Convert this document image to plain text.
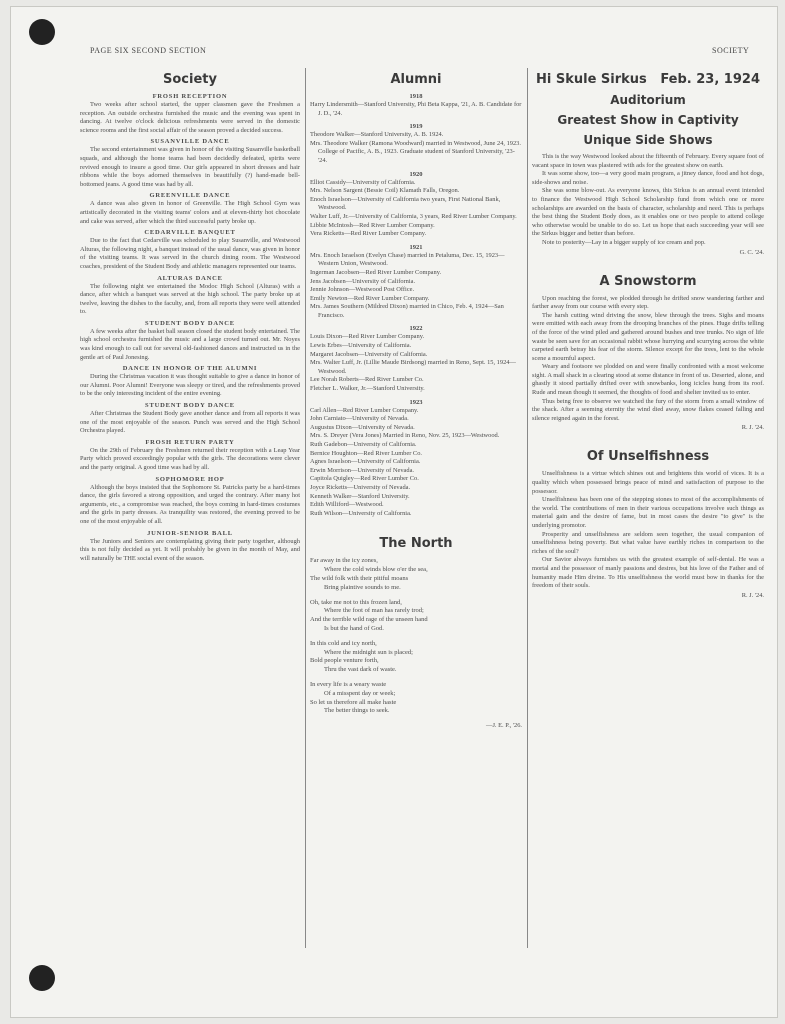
PAGE SIX SECOND SECTION	SOCIETY
Society
FROSH RECEPTION

Two weeks after school started, the upper classmen gave the Freshmen a reception. An outside orchestra furnished the music and the evening was spent in dancing. At twelve o'clock delicious refreshments were served in the domestic science rooms and the first social affair of the season proved a decided success.

SUSANVILLE DANCE

The second entertainment was given in honor of the visiting Susanville basketball squads, and although the home teams had been decidedly defeated, spirits were revived enough to insure a good time. Our girls appeared in short dresses and hair ribbons while the boys adorned themselves in beautifully (?) hand-made bell-bottomed jeans. A good time was had by all.

GREENVILLE DANCE

A dance was also given in honor of Greenville. The High School Gym was artistically decorated in the visiting teams' colors and at eleven-thirty hot chocolate and cake was served, after which the third successful party broke up.

CEDARVILLE BANQUET

Due to the fact that Cedarville was scheduled to play Susanville, and Westwood Alturas, the following night, a banquet instead of the usual dance, was given in honor of the visiting teams. It was served in the church dining room. The Westwood coaches, president of the Student Body and athletic managers represented our teams.

ALTURAS DANCE

The following night we entertained the Modoc High School (Alturas) with a dance, after which a banquet was served at the high school. The party broke up at twelve, leaving the dishes to the faculty, and, from all reports they were well attended to.

STUDENT BODY DANCE

A few weeks after the basket ball season closed the student body entertained. The high school orchestra furnished the music and a large crowd turned out. Mr. Noyes was kind enough to call out for several old-fashioned dances and instructed us in the gentle art of Paul Jonesing.

DANCE IN HONOR OF THE ALUMNI

During the Christmas vacation it was thought suitable to give a dance in honor of our Alumni. Poor Alumni! Everyone was sleepy or tired, and the refreshments proved to be the only interesting incident of the entire evening.

STUDENT BODY DANCE

After Christmas the Student Body gave another dance and from all reports it was one of the most enjoyable of the season. Punch was served and the High School Orchestra played.

FROSH RETURN PARTY

On the 29th of February the Freshmen returned their reception with a Leap Year Party which proved exceedingly popular with the girls. The decorations were clever and the party original. A good time was had by all.

SOPHOMORE HOP

Although the boys insisted that the Sophomore St. Patricks party be a hard-times dance, the girls favored a strong opposition, and urged the contrary. After many hot arguments, etc., a compromise was reached, the boys coming in hard-times costumes and the girls in party dresses. As tranquility was restored, the evening proved to be one of the most enjoyable of all.

JUNIOR-SENIOR BALL

The Juniors and Seniors are contemplating giving their party together, although this is not fully decided as yet. It will probably be given in the month of May, and will naturally be THE social event of the season.

Alumni
1918

Harry Lindersmith—Stanford University, Phi Beta Kappa, '21, A. B. Candidate for J. D., '24.

1919

Theodore Walker—Stanford University, A. B. 1924.

Mrs. Theodore Walker (Ramona Woodward) married in Westwood, June 24, 1923. College of Pacific, A. B., 1923. Graduate student of Stanford University, '23-'24.

1920

Elliot Cassidy—University of California.

Mrs. Nelson Sargent (Bessie Coil) Klamath Falls, Oregon.

Enoch Israelson—University of California two years, First National Bank, Westwood.

Walter Luff, Jr.—University of California, 3 years, Red River Lumber Company.

Libbie McIntosh—Red River Lumber Company.

Vera Ricketts—Red River Lumber Company.

1921

Mrs. Enoch Israelson (Evelyn Chase) married in Petaluma, Dec. 15, 1923—Western Union, Westwood.

Ingerman Jacobsen—Red River Lumber Company.

Jens Jacobsen—University of California.

Jennie Johnson—Westwood Post Office.

Emily Newton—Red River Lumber Company.

Mrs. James Southern (Mildred Dixon) married in Chico, Feb. 4, 1924—San Francisco.

1922

Louis Dixon—Red River Lumber Company.

Lewis Erbes—University of California.

Margaret Jacobsen—University of California.

Mrs. Walter Luff, Jr. (Lillie Maude Birdsong) married in Reno, Sept. 15, 1924—Westwood.

Lee Norah Roberts—Red River Lumber Co.

Fletcher L. Walker, Jr.—Stanford University.

1923

Carl Allen—Red River Lumber Company.

John Carniato—University of Nevada.

Augustus Dixon—University of Nevada.

Mrs. S. Dreyer (Vera Jones) Married in Reno, Nov. 25, 1923—Westwood.

Ruth Gadebon—University of California.

Bernice Houghton—Red River Lumber Co.

Agnes Israelson—University of California.

Erwin Morrison—University of Nevada.

Capitola Quigley—Red River Lumber Co.

Joyce Ricketts—University of Nevada.

Kenneth Walker—Stanford University.

Edith Williford—Westwood.

Ruth Wilson—University of California.

The North

Far away in the icy zones,

Where the cold winds blow o'er the sea,

The wild folk with their pitiful moans

Bring plaintive sounds to me.

Oh, take me not to this frozen land,

Where the foot of man has rarely trod;

And the terrible wild rage of the unseen hand

Is but the hand of God.

In this cold and icy north,

Where the midnight sun is placed;

Bold people venture forth,

Thru the vast dark of waste.

In every life is a weary waste

Of a misspent day or week;

So let us therefore all make haste

The better things to seek.

—J. E. P., '26.
Hi Skule Sirkus Feb. 23, 1924
Auditorium
Greatest Show in Captivity
Unique Side Shows

This is the way Westwood looked about the fifteenth of February. Every square foot of vacant space in town was plastered with ads for the greatest show on earth.

It was some show, too—a very good main program, a jitney dance, food and hot dogs, side-shows and noise.

She was some blow-out. As everyone knows, this Sirkus is an annual event intended to finance the Westwood High School Scholarship fund from which one or more scholarships are awarded on the basis of character, scholarship and need. This is perhaps the best thing the Student Body does, as it enables one or two people to attend college who otherwise would be unable to do so. Let us hope that each succeeding year will see the Sirkus bigger and better than before.

Note to posterity—Lay in a bigger supply of ice cream and pop.

G. C. '24.
A Snowstorm

Upon reaching the forest, we plodded through he drifted snow wandering farther and farther away from our course with every step.

The harsh cutting wind driving the snow, blew through the trees. Sighs and moans were emitted with each away from the drooping branches of the pines. Huge drifts telling of the force of the wind piled and gathered around bushes and tree trunks. No sign of life waste be seen save for an occasional rabbit whose hurrying and scurrying across the white carpeted earth betray his fear of the storm. Silence except for the trees, lent to the whole scene a mournful aspect.

Weary and footsore we plodded on and were finally confronted with a most welcome sight. A mall shack in a clearing stood at some distance in front of us. Deserted, alone, and ghastly it stood partially drifted over with snowbanks, long icicles hung from its roof. Rude and mean though it seemed, the thoughts of food and shelter invited us to enter.

Thus being free to observe we watched the fury of the storm from a small window of the shack. After a seeming eternity the wind died away, snow flakes ceased falling and silence reigned again in the forest.

R. J. '24.
Of Unselfishness

Unselfishness is a virtue which shines out and brightens this world of vices. It is a quality which when possessed brings peace of mind and satisfaction of purpose to the possessor.

Unselfishness has been one of the stepping stones to most of the accomplishments of the world. The contributions of men in their various occupations involve such things as material gain and the desire of fame, but in most cases the desire "to give" is the underlying promotor.

Prosperity and unselfishness are seldom seen together, the usual companion of unselfishness being poverty. But what value have earthly riches in comparison to the riches of the soul?

Our Savior always furnishes us with the greatest example of self-denial. He was a mortal and the possessor of manly passions and desires, but his love of the Father and of humanity made Him divine. To His unselfishness the world must bow in thanks for the freedom of their souls.

R. J. '24.
